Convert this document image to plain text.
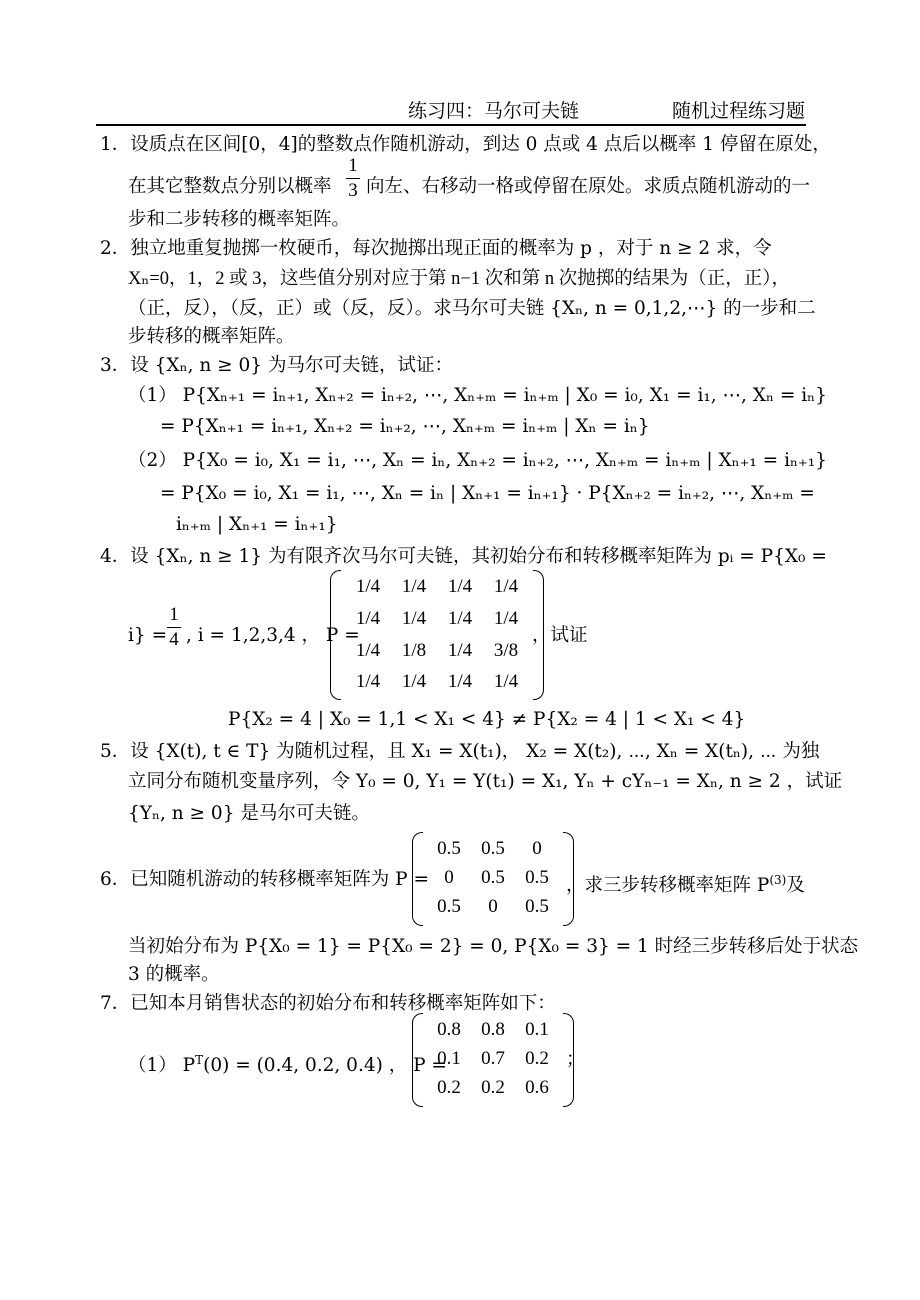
练习四：马尔可夫链	随机过程练习题
1．设质点在区间[0，4]的整数点作随机游动，到达 0 点或 4 点后以概率 1 停留在原处，
在其它整数点分别以概率
1
3 向左、右移动一格或停留在原处。求质点随机游动的一
步和二步转移的概率矩阵。
2．独立地重复抛掷一枚硬币，每次抛掷出现正面的概率为 p ，对于 n ≥ 2 求，令
Xₙ=0，1，2 或 3，这些值分别对应于第 n−1 次和第 n 次抛掷的结果为（正，正），
（正，反），（反，正）或（反，反）。求马尔可夫链 {Xₙ, n = 0,1,2,⋯} 的一步和二
步转移的概率矩阵。
3．设 {Xₙ, n ≥ 0} 为马尔可夫链，试证：
（1） P{Xₙ₊₁ = iₙ₊₁, Xₙ₊₂ = iₙ₊₂, ⋯, Xₙ₊ₘ = iₙ₊ₘ | X₀ = i₀, X₁ = i₁, ⋯, Xₙ = iₙ}
= P{Xₙ₊₁ = iₙ₊₁, Xₙ₊₂ = iₙ₊₂, ⋯, Xₙ₊ₘ = iₙ₊ₘ | Xₙ = iₙ}
（2） P{X₀ = i₀, X₁ = i₁, ⋯, Xₙ = iₙ, Xₙ₊₂ = iₙ₊₂, ⋯, Xₙ₊ₘ = iₙ₊ₘ | Xₙ₊₁ = iₙ₊₁}
= P{X₀ = i₀, X₁ = i₁, ⋯, Xₙ = iₙ | Xₙ₊₁ = iₙ₊₁} · P{Xₙ₊₂ = iₙ₊₂, ⋯, Xₙ₊ₘ =
iₙ₊ₘ | Xₙ₊₁ = iₙ₊₁}
4．设 {Xₙ, n ≥ 1} 为有限齐次马尔可夫链，其初始分布和转移概率矩阵为 pᵢ = P{X₀ =
i} =
1
4 , i = 1,2,3,4 ， P =
1/4	1/4	1/4	1/4
1/4	1/4	1/4	1/4
1/4	1/8	1/4	3/8
1/4	1/4	1/4	1/4
，试证
P{X₂ = 4 | X₀ = 1,1 < X₁ < 4} ≠ P{X₂ = 4 | 1 < X₁ < 4}
5．设 {X(t), t ∈ T} 为随机过程，且 X₁ = X(t₁)， X₂ = X(t₂), ⋯, Xₙ = X(tₙ), ⋯ 为独
立同分布随机变量序列，令 Y₀ = 0, Y₁ = Y(t₁) = X₁, Yₙ + cYₙ₋₁ = Xₙ, n ≥ 2 ，试证
{Yₙ, n ≥ 0} 是马尔可夫链。
6．已知随机游动的转移概率矩阵为 P =
0.5	0.5	0
0	0.5	0.5
0.5	0	0.5
，求三步转移概率矩阵 $P^{(3)}$及
当初始分布为 P{X₀ = 1} = P{X₀ = 2} = 0, P{X₀ = 3} = 1 时经三步转移后处于状态
3 的概率。
7．已知本月销售状态的初始分布和转移概率矩阵如下：
（1） $P^T(0) = (0.4$, 0.2, 0.4) ， P =
0.8	0.8	0.1
0.1	0.7	0.2
0.2	0.2	0.6
；
